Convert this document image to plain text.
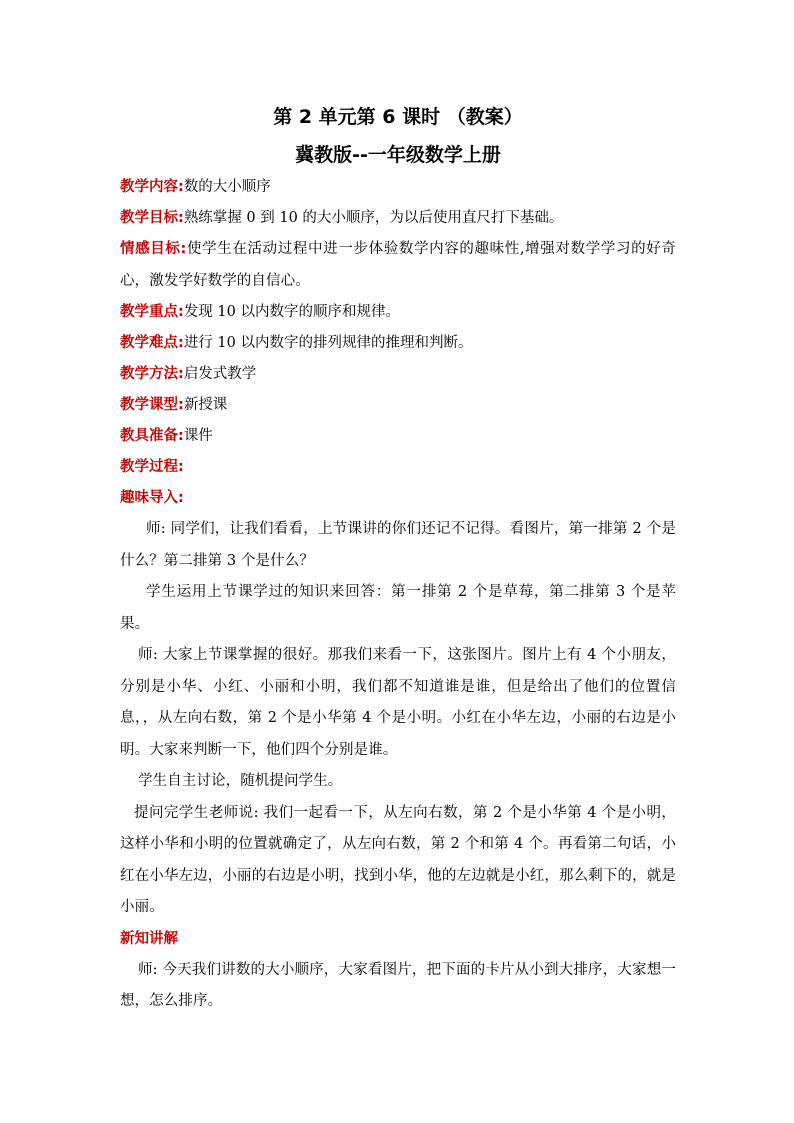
第 2 单元第 6 课时 （教案）
冀教版--一年级数学上册
教学内容:数的大小顺序
教学目标:熟练掌握 0 到 10 的大小顺序，为以后使用直尺打下基础。
情感目标:使学生在活动过程中进一步体验数学内容的趣味性,增强对数学学习的好奇心，激发学好数学的自信心。
教学重点:发现 10 以内数字的顺序和规律。
教学难点:进行 10 以内数字的排列规律的推理和判断。
教学方法:启发式教学
教学课型:新授课
教具准备:课件
教学过程:
趣味导入:
师: 同学们，让我们看看，上节课讲的你们还记不记得。看图片，第一排第 2 个是什么？第二排第 3 个是什么？
学生运用上节课学过的知识来回答：第一排第 2 个是草莓，第二排第 3 个是苹果。
师: 大家上节课掌握的很好。那我们来看一下，这张图片。图片上有 4 个小朋友，分别是小华、小红、小丽和小明，我们都不知道谁是谁，但是给出了他们的位置信息，，从左向右数，第 2 个是小华第 4 个是小明。小红在小华左边，小丽的右边是小明。大家来判断一下，他们四个分别是谁。
学生自主讨论，随机提问学生。
提问完学生老师说: 我们一起看一下，从左向右数，第 2 个是小华第 4 个是小明，这样小华和小明的位置就确定了，从左向右数，第 2 个和第 4 个。再看第二句话，小红在小华左边，小丽的右边是小明，找到小华，他的左边就是小红，那么剩下的，就是小丽。
新知讲解
师: 今天我们讲数的大小顺序，大家看图片，把下面的卡片从小到大排序，大家想一想，怎么排序。
